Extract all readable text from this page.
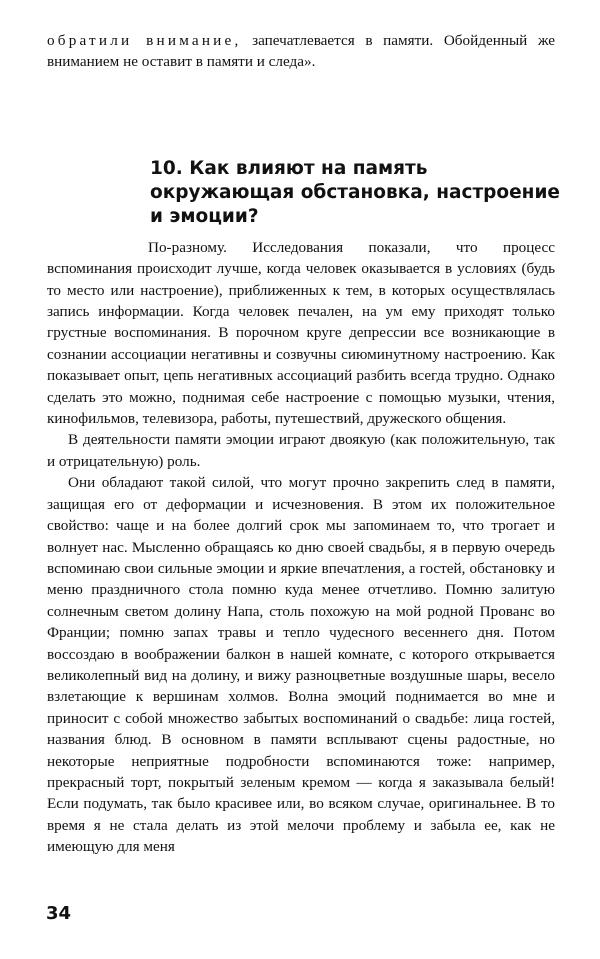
обратили внимание, запечатлевается в памяти. Обойденный же вниманием не оставит в памяти и следа».

10. Как влияют на память
окружающая обстановка, настроение
и эмоции?

По-разному. Исследования показали, что процесс вспоминания происходит лучше, когда человек оказывается в условиях (будь то место или настроение), приближенных к тем, в которых осуществлялась запись информации. Когда человек печален, на ум ему приходят только грустные воспоминания. В порочном круге депрессии все возникающие в сознании ассоциации негативны и созвучны сиюминутному настроению. Как показывает опыт, цепь негативных ассоциаций разбить всегда трудно. Однако сделать это можно, поднимая себе настроение с помощью музыки, чтения, кинофильмов, телевизора, работы, путешествий, дружеского общения.

В деятельности памяти эмоции играют двоякую (как положительную, так и отрицательную) роль.

Они обладают такой силой, что могут прочно закрепить след в памяти, защищая его от деформации и исчезновения. В этом их положительное свойство: чаще и на более долгий срок мы запоминаем то, что трогает и волнует нас. Мысленно обращаясь ко дню своей свадьбы, я в первую очередь вспоминаю свои сильные эмоции и яркие впечатления, а гостей, обстановку и меню праздничного стола помню куда менее отчетливо. Помню залитую солнечным светом долину Напа, столь похожую на мой родной Прованс во Франции; помню запах травы и тепло чудесного весеннего дня. Потом воссоздаю в воображении балкон в нашей комнате, с которого открывается великолепный вид на долину, и вижу разноцветные воздушные шары, весело взлетающие к вершинам холмов. Волна эмоций поднимается во мне и приносит с собой множество забытых воспоминаний о свадьбе: лица гостей, названия блюд. В основном в памяти всплывают сцены радостные, но некоторые неприятные подробности вспоминаются тоже: например, прекрасный торт, покрытый зеленым кремом — когда я заказывала белый! Если подумать, так было красивее или, во всяком случае, оригинальнее. В то время я не стала делать из этой мелочи проблему и забыла ее, как не имеющую для меня

34
